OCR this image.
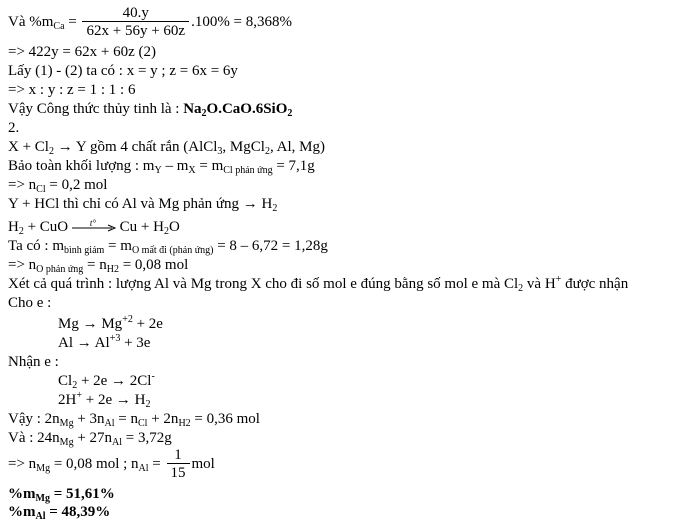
Và $\%m_{Ca} = \frac{40.y}{62x + 56y + 60z} .100\% = 8,368\%$
=> 422y = 62x + 60z (2)
Lấy (1) - (2) ta có : x = y ; z = 6x = 6y
=> x : y : z = 1 : 1 : 6
Vậy Công thức thủy tinh là : $Na_2O.CaO.6SiO_2$
2.
$X + Cl_2 \to Y$ gồm 4 chất rắn (AlCl$_3$, MgCl$_2$, Al, Mg)
Bảo toàn khối lượng : $m_Y - m_X = m_{Cl phản ứng} = 7,1g$
=> $n_{Cl} = 0,2$ mol
Y + HCl thì chỉ có Al và Mg phản ứng → $H_2$
$H_2$ + CuO t° $Cu + H_2O$
Ta có : $m_{bình giảm} = m_{O mất đi (phản ứng)} = 8 - 6,72 = 1,28g$
=> $n_{O phản ứng} = n_{H2} = 0,08$ mol
Xét cả quá trình : lượng Al và Mg trong X cho đi số mol e đúng bằng số mol e mà $Cl_2$ và H+ được nhận
Cho e :
$Mg \to Mg^{+2} + 2e$
$Al \to Al^{+3} + 3e$
Nhận e :
$Cl_2 + 2e \to 2Cl^-$
$2H^+ + 2e \to H_2$
Vậy : $2n_{Mg} + 3n_{Al} = n_{Cl} + 2n_{H2} = 0,36$ mol
Và : $24n_{Mg} + 27n_{Al} = 3,72g$
=> $n_{Mg} = 0,08$ mol ; $n_{Al} = \frac{1}{15}$ mol
$\%m_{Mg} = 51,61\%$
$\%m_{Al} = 48,39\%$
